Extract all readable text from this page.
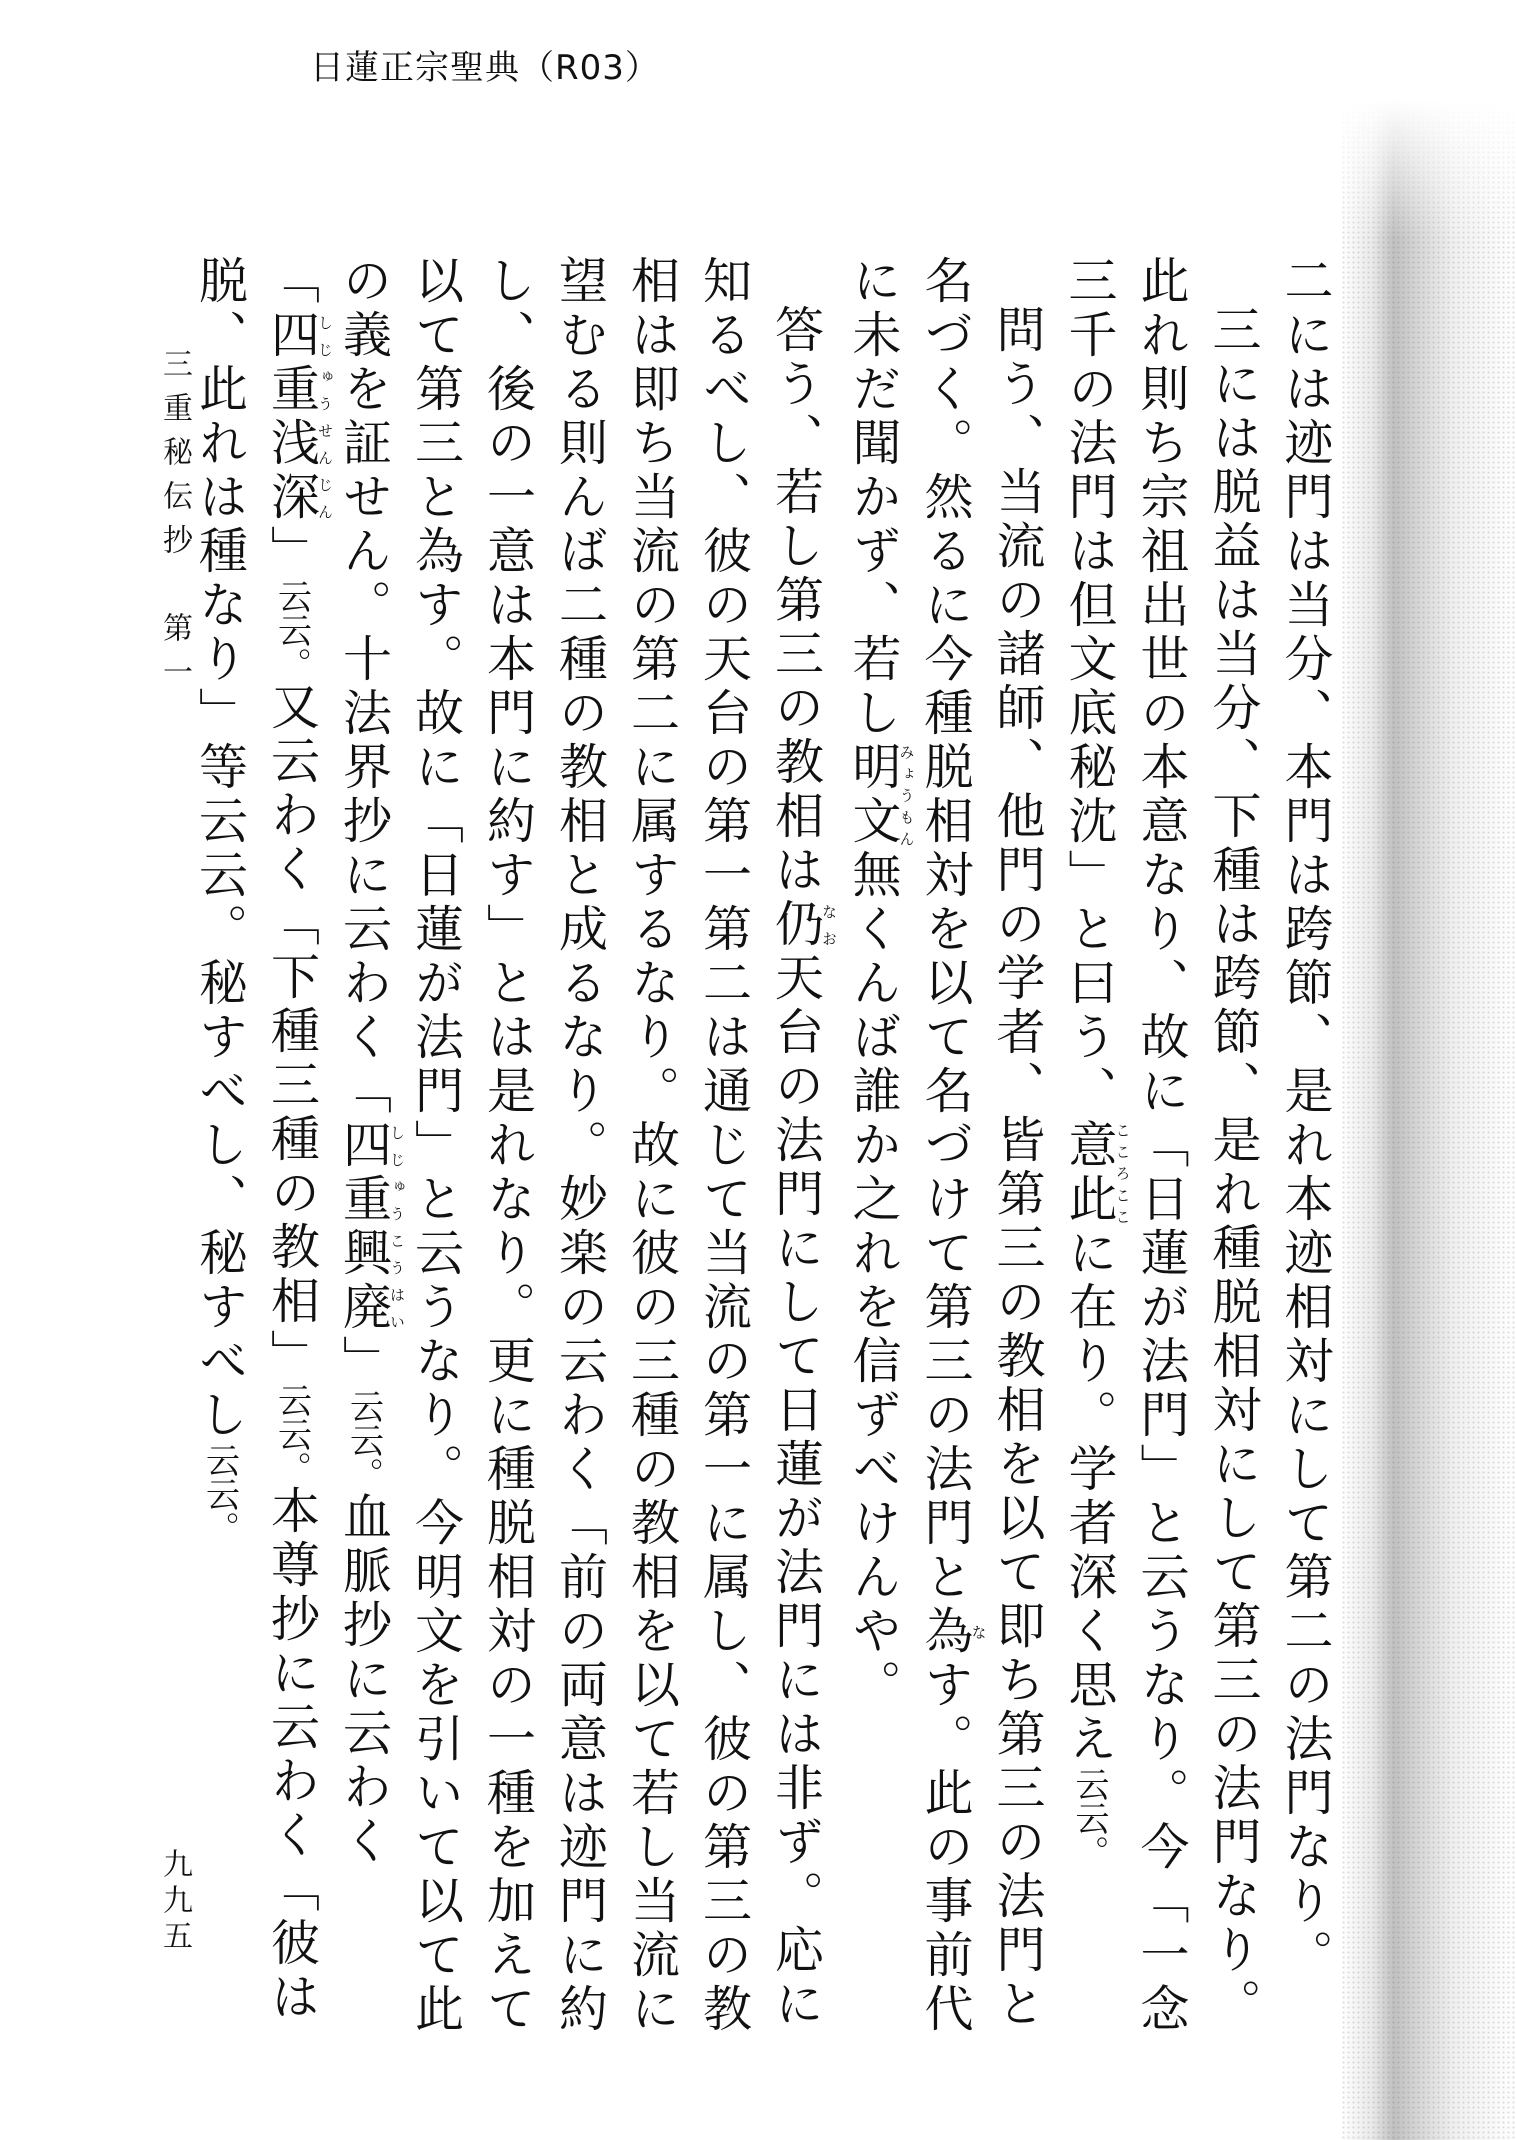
日蓮正宗聖典（R03）

二には迹門は当分、本門は跨節、是れ本迹相対にして第二の法門なり。

三には脱益は当分、下種は跨節、是れ種脱相対にして第三の法門なり。此れ則ち宗祖出世の本意なり、故に「日蓮が法門」と云うなり。今「一念三千の法門は但文底秘沈」と曰う、意此こころここに在り。学者深く思え云云。

問う、当流の諸師、他門の学者、皆第三の教相を以て即ち第三の法門と名づく。然るに今種脱相対を以て名づけて第三の法門と為なす。此の事前代に未だ聞かず、若し明文みょうもん無くんば誰か之れを信ずべけんや。

答う、若し第三の教相は仍なお天台の法門にして日蓮が法門には非ず。応に知るべし、彼の天台の第一第二は通じて当流の第一に属し、彼の第三の教相は即ち当流の第二に属するなり。故に彼の三種の教相を以て若し当流に望むる則んば二種の教相と成るなり。妙楽の云わく「前の両意は迹門に約し、後の一意は本門に約す」とは是れなり。更に種脱相対の一種を加えて以て第三と為す。故に「日蓮が法門」と云うなり。今明文を引いて以て此の義を証せん。十法界抄に云わく「四重興廃しじゅうこうはい」云云。血脈抄に云わく「四重浅深しじゅうせんじん」云云。又云わく「下種三種の教相」云云。本尊抄に云わく「彼は脱、此れは種なり」等云云。秘すべし、秘すべし云云。

三重秘伝抄　第一
九九五
